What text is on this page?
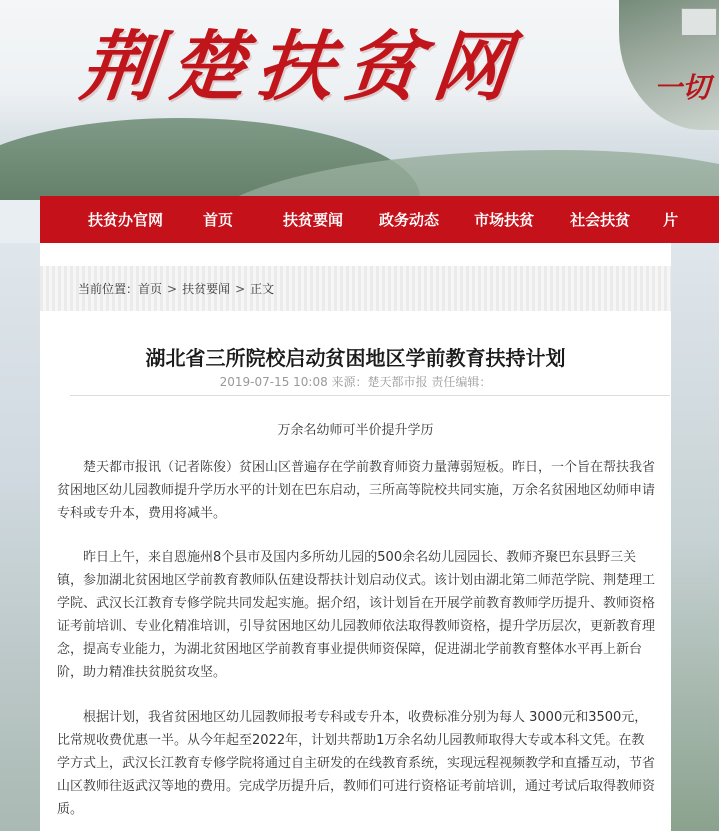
荆楚扶贫网	一切
扶贫办官网	首页	扶贫要闻 政务动态 市场扶贫 社会扶贫 片
当前位置： 首页 > 扶贫要闻 > 正文
湖北省三所院校启动贫困地区学前教育扶持计划
2019-07-15 10:08 来源：楚天都市报 责任编辑：
万余名幼师可半价提升学历

楚天都市报讯（记者陈俊）贫困山区普遍存在学前教育师资力量薄弱短板。昨日，一个旨在帮扶我省贫困地区幼儿园教师提升学历水平的计划在巴东启动，三所高等院校共同实施，万余名贫困地区幼师申请专科或专升本，费用将减半。

昨日上午，来自恩施州8个县市及国内多所幼儿园的500余名幼儿园园长、教师齐聚巴东县野三关镇，参加湖北贫困地区学前教育教师队伍建设帮扶计划启动仪式。该计划由湖北第二师范学院、荆楚理工学院、武汉长江教育专修学院共同发起实施。据介绍，该计划旨在开展学前教育教师学历提升、教师资格证考前培训、专业化精准培训，引导贫困地区幼儿园教师依法取得教师资格，提升学历层次，更新教育理念，提高专业能力，为湖北贫困地区学前教育事业提供师资保障，促进湖北学前教育整体水平再上新台阶，助力精准扶贫脱贫攻坚。

根据计划，我省贫困地区幼儿园教师报考专科或专升本，收费标准分别为每人 3000元和3500元，比常规收费优惠一半。从今年起至2022年，计划共帮助1万余名幼儿园教师取得大专或本科文凭。在教学方式上，武汉长江教育专修学院将通过自主研发的在线教育系统，实现远程视频教学和直播互动，节省山区教师往返武汉等地的费用。完成学历提升后，教师们可进行资格证考前培训，通过考试后取得教师资质。
